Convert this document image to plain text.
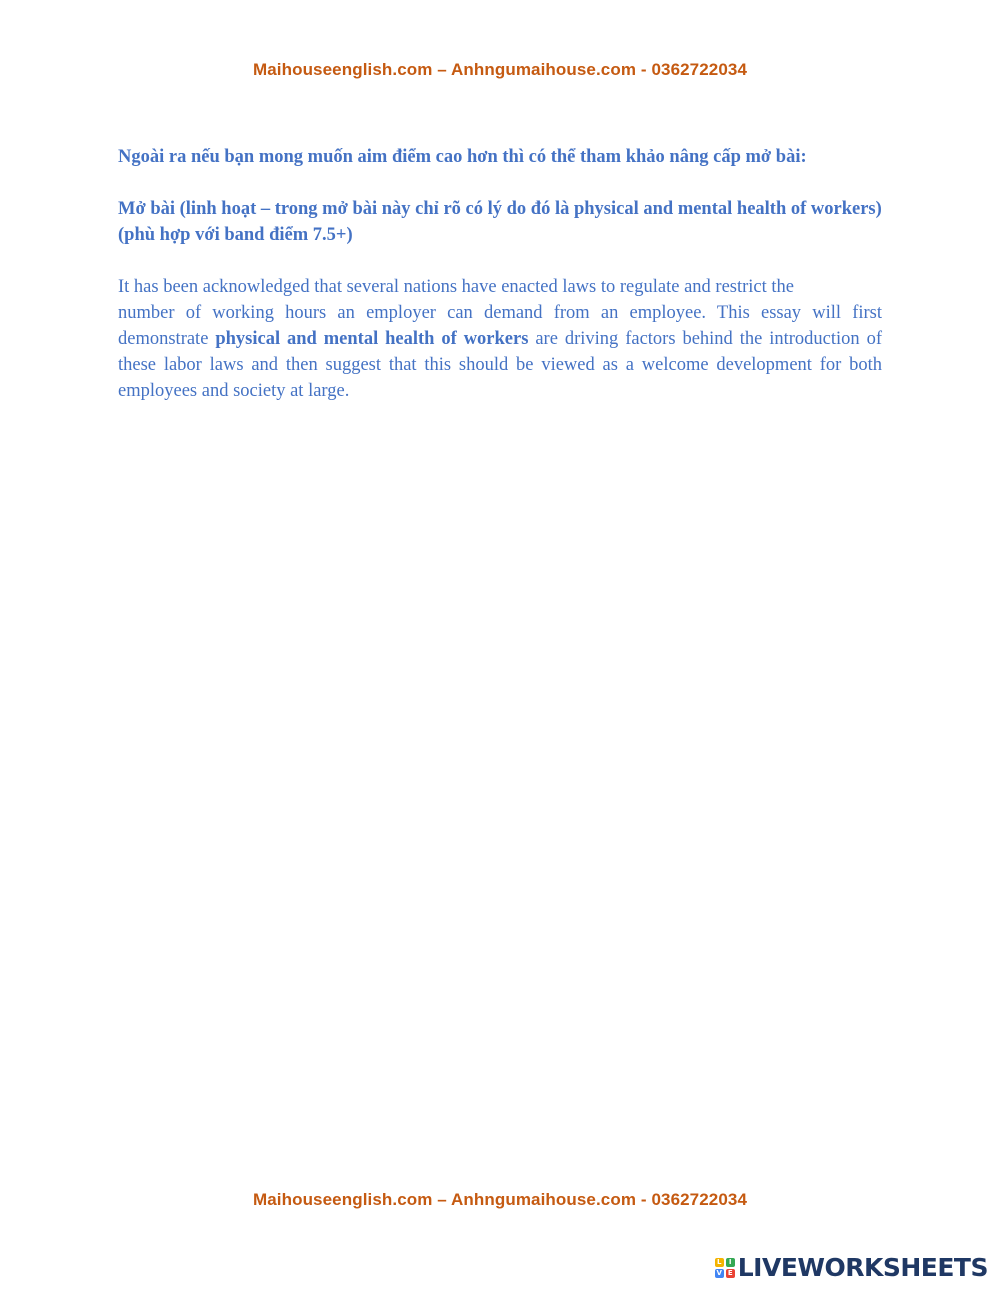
Maihouseenglish.com – Anhngumaihouse.com - 0362722034

Ngoài ra nếu bạn mong muốn aim điểm cao hơn thì có thể tham khảo nâng cấp mở bài:

Mở bài (linh hoạt – trong mở bài này chỉ rõ có lý do đó là physical and mental health of workers) (phù hợp với band điểm 7.5+)

It has been acknowledged that several nations have enacted laws to regulate and restrict the
number of working hours an employer can demand from an employee. This essay will first demonstrate physical and mental health of workers are driving factors behind the introduction of these labor laws and then suggest that this should be viewed as a welcome development for both employees and society at large.

Maihouseenglish.com – Anhngumaihouse.com - 0362722034
L	I
V E LIVEWORKSHEETS
